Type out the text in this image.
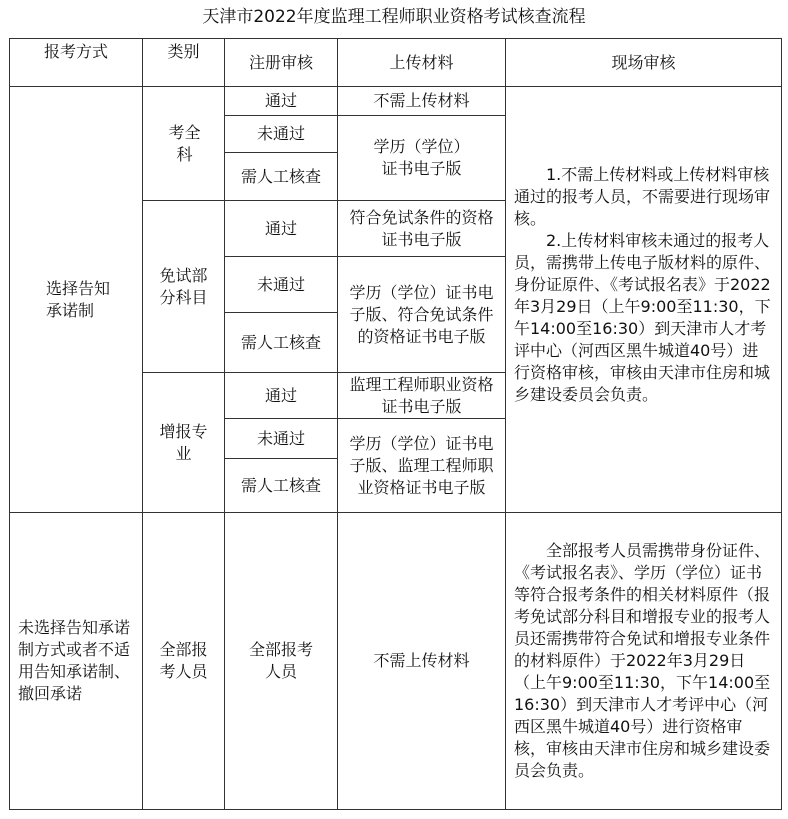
天津市2022年度监理工程师职业资格考试核查流程
报考方式	类别	注册审核	上传材料	现场审核
选择告知承诺制	考全科	通过	不需上传材料	1.不需上传材料或上传材料审核通过的报考人员，不需要进行现场审核。
2.上传材料审核未通过的报考人员，需携带上传电子版材料的原件、身份证原件、《考试报名表》于2022年3月29日（上午9:00至11:30，下午14:00至16:30）到天津市人才考评中心（河西区黑牛城道40号）进行资格审核，审核由天津市住房和城乡建设委员会负责。

		未通过	学历（学位）证书电子版	
		需人工核查		
	免试部分科目	通过	符合免试条件的资格证书电子版	
		未通过	学历（学位）证书电子版、符合免试条件的资格证书电子版	
		需人工核查		
	增报专业	通过	监理工程师职业资格证书电子版	
		未通过	学历（学位）证书电子版、监理工程师职业资格证书电子版	
		需人工核查		
未选择告知承诺制方式或者不适用告知承诺制、撤回承诺	全部报考人员	全部报考人员	不需上传材料	全部报考人员需携带身份证件、《考试报名表》、学历（学位）证书等符合报考条件的相关材料原件（报考免试部分科目和增报专业的报考人员还需携带符合免试和增报专业条件的材料原件）于2022年3月29日（上午9:00至11:30，下午14:00至16:30）到天津市人才考评中心（河西区黑牛城道40号）进行资格审核，审核由天津市住房和城乡建设委员会负责。
